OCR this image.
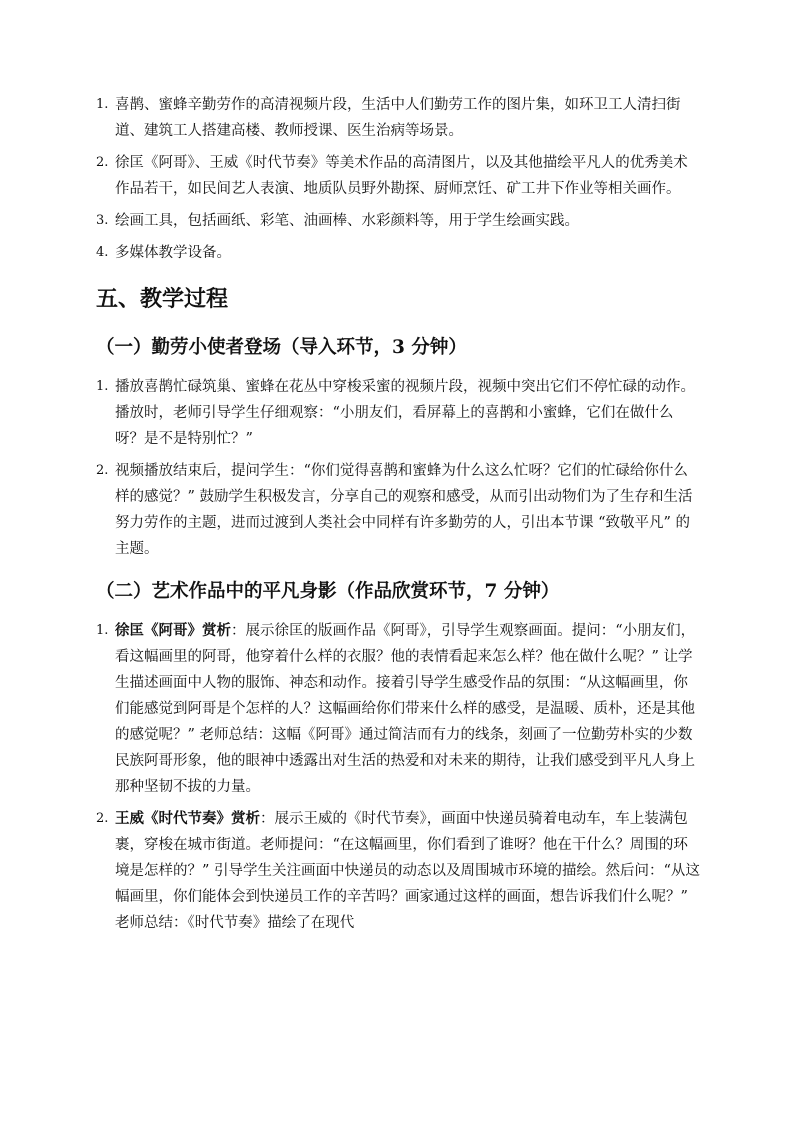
1. 喜鹊、蜜蜂辛勤劳作的高清视频片段，生活中人们勤劳工作的图片集，如环卫工人清扫街道、建筑工人搭建高楼、教师授课、医生治病等场景。
2. 徐匡《阿哥》、王威《时代节奏》等美术作品的高清图片，以及其他描绘平凡人的优秀美术作品若干，如民间艺人表演、地质队员野外勘探、厨师烹饪、矿工井下作业等相关画作。
3. 绘画工具，包括画纸、彩笔、油画棒、水彩颜料等，用于学生绘画实践。
4. 多媒体教学设备。
五、教学过程
（一）勤劳小使者登场（导入环节，3 分钟）
1. 播放喜鹊忙碌筑巢、蜜蜂在花丛中穿梭采蜜的视频片段，视频中突出它们不停忙碌的动作。播放时，老师引导学生仔细观察：“小朋友们，看屏幕上的喜鹊和小蜜蜂，它们在做什么呀？是不是特别忙？”
2. 视频播放结束后，提问学生：“你们觉得喜鹊和蜜蜂为什么这么忙呀？它们的忙碌给你什么样的感觉？” 鼓励学生积极发言，分享自己的观察和感受，从而引出动物们为了生存和生活努力劳作的主题，进而过渡到人类社会中同样有许多勤劳的人，引出本节课 “致敬平凡” 的主题。
（二）艺术作品中的平凡身影（作品欣赏环节，7 分钟）
1. 徐匡《阿哥》赏析：展示徐匡的版画作品《阿哥》，引导学生观察画面。提问：“小朋友们，看这幅画里的阿哥，他穿着什么样的衣服？他的表情看起来怎么样？他在做什么呢？” 让学生描述画面中人物的服饰、神态和动作。接着引导学生感受作品的氛围：“从这幅画里，你们能感觉到阿哥是个怎样的人？这幅画给你们带来什么样的感受，是温暖、质朴，还是其他的感觉呢？” 老师总结：这幅《阿哥》通过简洁而有力的线条，刻画了一位勤劳朴实的少数民族阿哥形象，他的眼神中透露出对生活的热爱和对未来的期待，让我们感受到平凡人身上那种坚韧不拔的力量。
2. 王威《时代节奏》赏析：展示王威的《时代节奏》，画面中快递员骑着电动车，车上装满包裹，穿梭在城市街道。老师提问：“在这幅画里，你们看到了谁呀？他在干什么？周围的环境是怎样的？” 引导学生关注画面中快递员的动态以及周围城市环境的描绘。然后问：“从这幅画里，你们能体会到快递员工作的辛苦吗？画家通过这样的画面，想告诉我们什么呢？” 老师总结：《时代节奏》描绘了在现代
